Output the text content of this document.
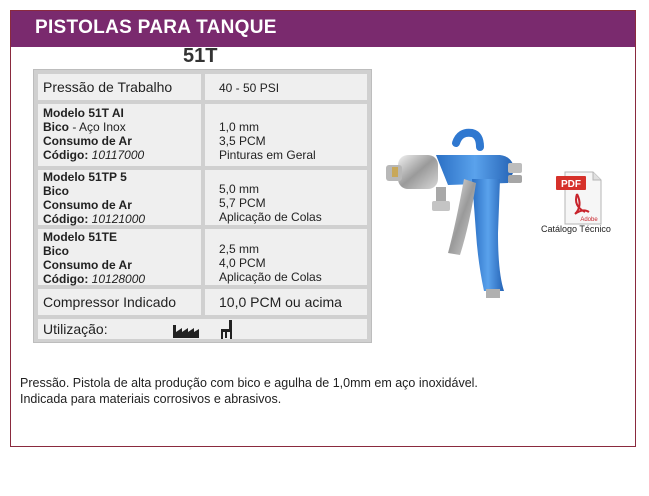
PISTOLAS PARA TANQUE
51T
Pressão de Trabalho	40 - 50 PSI
Modelo 51T AI
Bico - Aço Inox
Consumo de Ar
Código: 10117000
1,0 mm
3,5 PCM
Pinturas em Geral
Modelo 51TP 5
Bico
Consumo de Ar
Código: 10121000
5,0 mm
5,7 PCM
Aplicação de Colas
Modelo 51TE
Bico
Consumo de Ar
Código: 10128000
2,5 mm
4,0 PCM
Aplicação de Colas
Compressor Indicado	10,0 PCM ou acima
Utilização:
PDF
Adobe
Catálogo Técnico
Pressão. Pistola de alta produção com bico e agulha de 1,0mm em aço inoxidável.
Indicada para materiais corrosivos e abrasivos.
